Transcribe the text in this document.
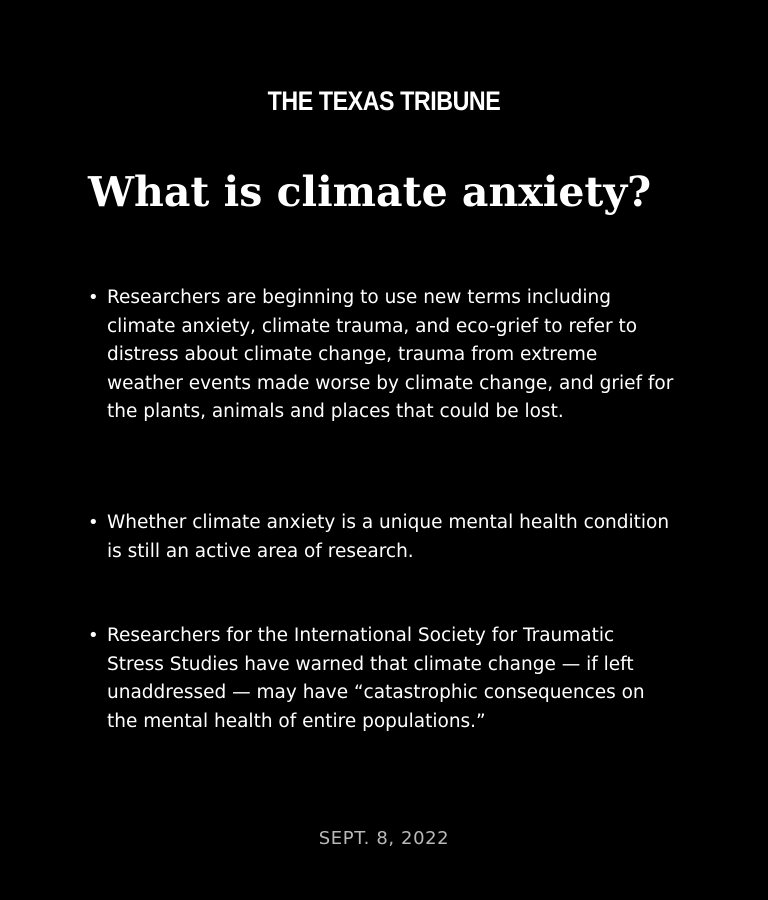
THE TEXAS TRIBUNE
What is climate anxiety?
• Researchers are beginning to use new terms including climate anxiety, climate trauma, and eco-grief to refer to distress about climate change, trauma from extreme weather events made worse by climate change, and grief for the plants, animals and places that could be lost.
• Whether climate anxiety is a unique mental health condition is still an active area of research.
• Researchers for the International Society for Traumatic Stress Studies have warned that climate change — if left unaddressed — may have “catastrophic consequences on the mental health of entire populations.”
SEPT. 8, 2022
